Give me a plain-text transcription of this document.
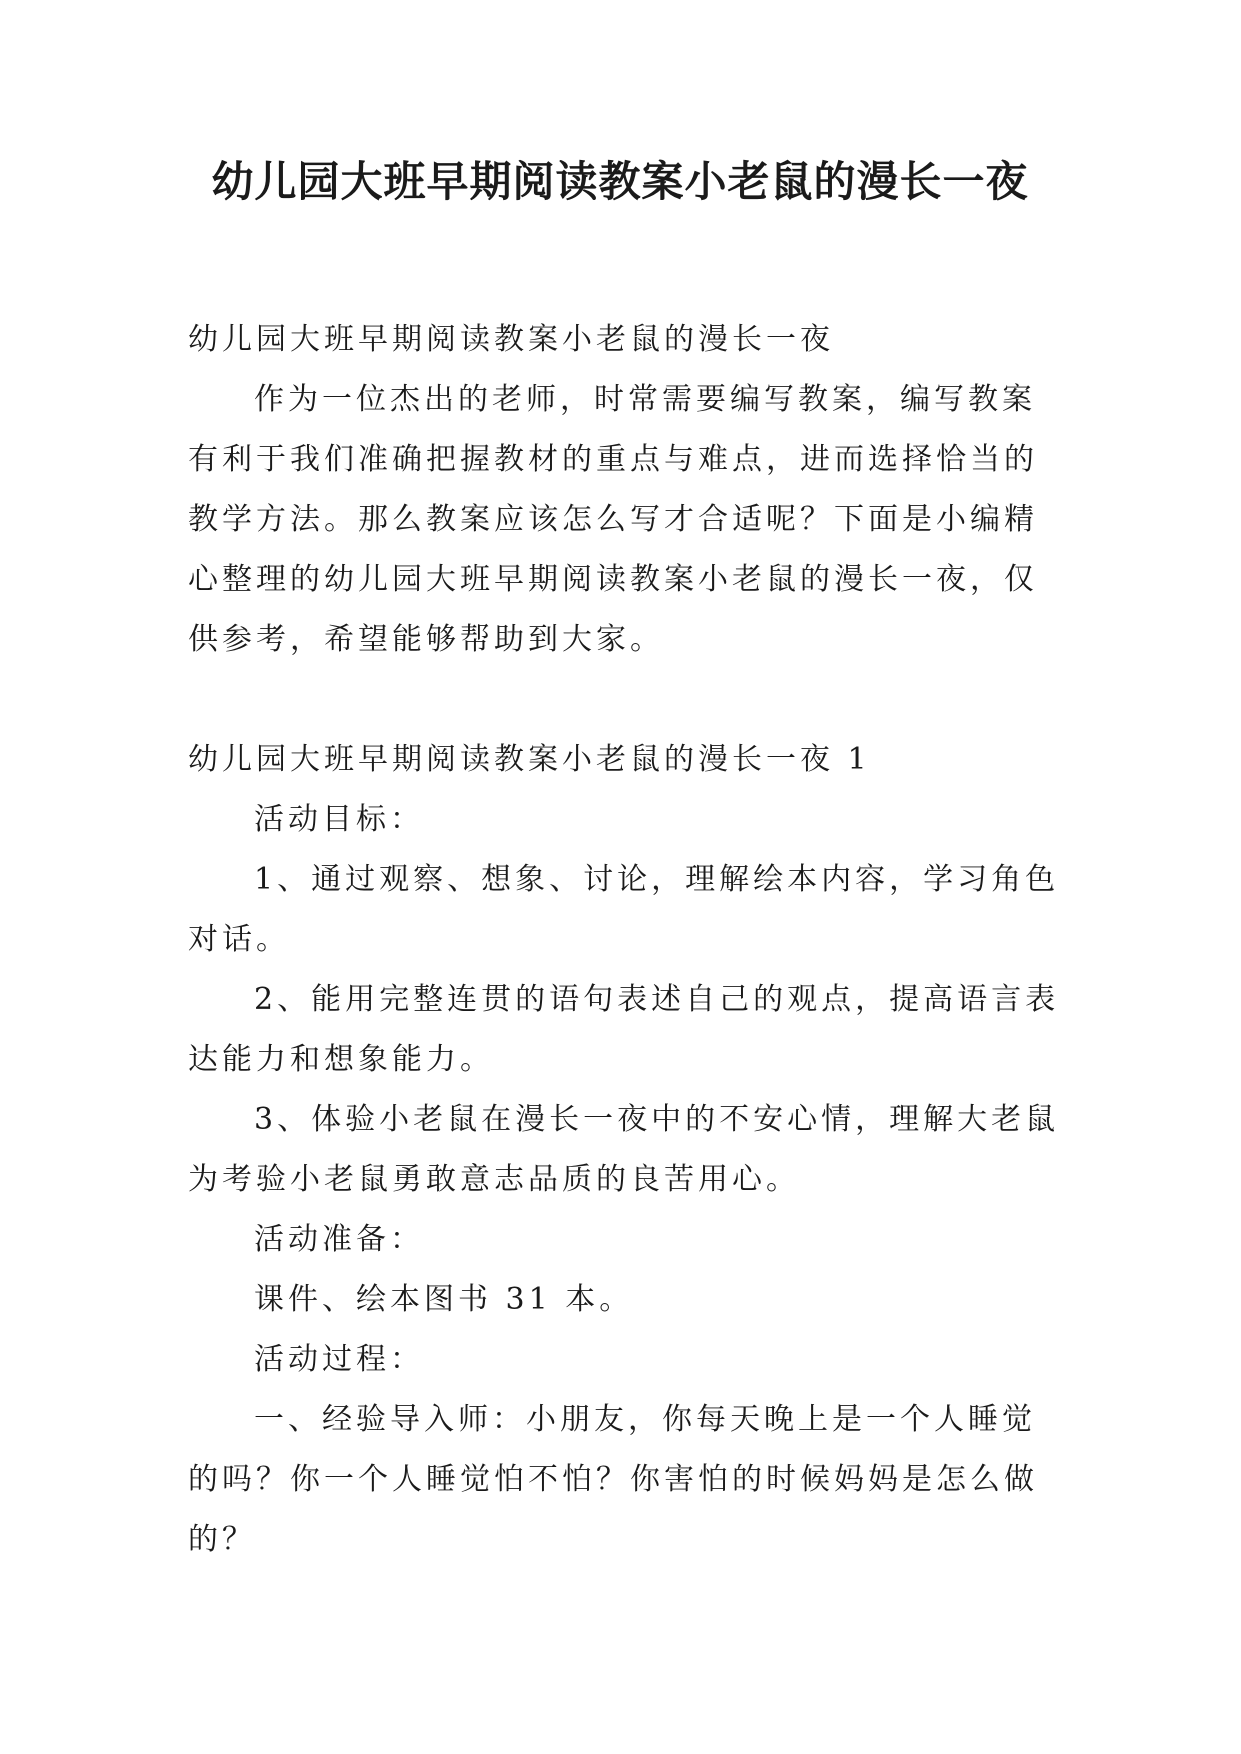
幼儿园大班早期阅读教案小老鼠的漫长一夜

幼儿园大班早期阅读教案小老鼠的漫长一夜

作为一位杰出的老师，时常需要编写教案，编写教案有利于我们准确把握教材的重点与难点，进而选择恰当的教学方法。那么教案应该怎么写才合适呢？下面是小编精心整理的幼儿园大班早期阅读教案小老鼠的漫长一夜，仅供参考，希望能够帮助到大家。

幼儿园大班早期阅读教案小老鼠的漫长一夜 1

活动目标：

1、通过观察、想象、讨论，理解绘本内容，学习角色对话。

2、能用完整连贯的语句表述自己的观点，提高语言表达能力和想象能力。

3、体验小老鼠在漫长一夜中的不安心情，理解大老鼠为考验小老鼠勇敢意志品质的良苦用心。

活动准备：

课件、绘本图书 31 本。

活动过程：

一、经验导入师：小朋友，你每天晚上是一个人睡觉的吗？你一个人睡觉怕不怕？你害怕的时候妈妈是怎么做的？
